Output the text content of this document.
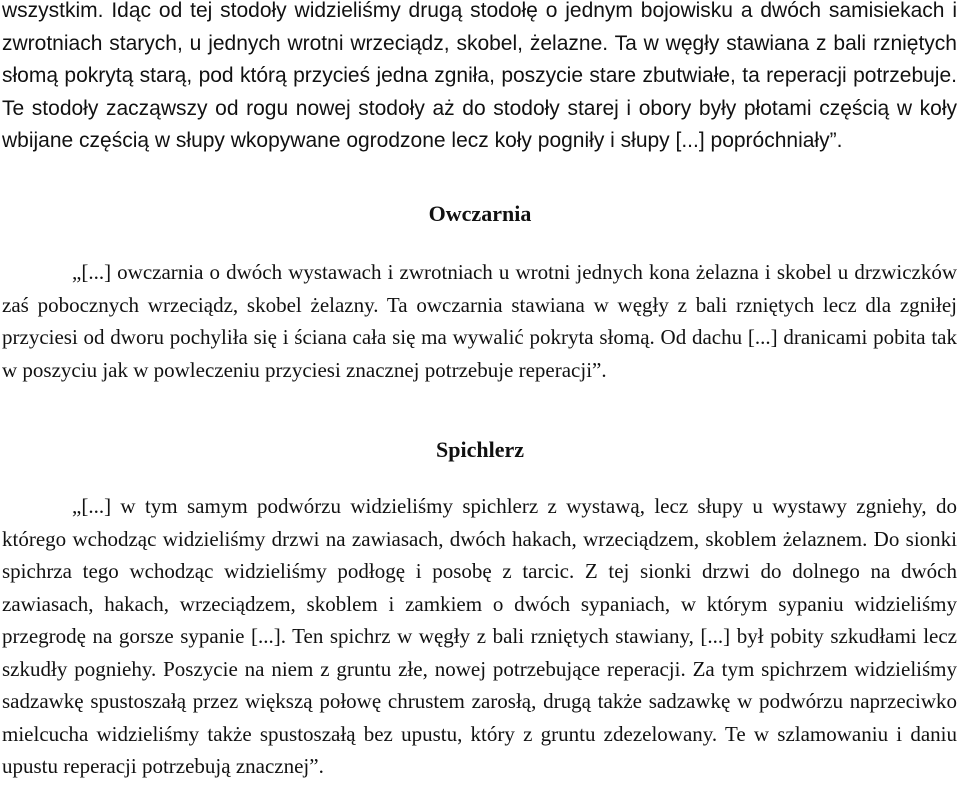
wszystkim. Idąc od tej stodoły widzieliśmy drugą stodołę o jednym bojowisku a dwóch samisiekach i zwrotniach starych, u jednych wrotni wrzeciądz, skobel, żelazne. Ta w węgły stawiana z bali rzniętych słomą pokrytą starą, pod którą przycieś jedna zgniła, poszycie stare zbutwiałe, ta reperacji potrzebuje. Te stodoły zacząwszy od rogu nowej stodoły aż do stodoły starej i obory były płotami częścią w koły wbijane częścią w słupy wkopywane ogrodzone lecz koły pogniły i słupy [...] popróchniały”.

Owczarnia

„[...] owczarnia o dwóch wystawach i zwrotniach u wrotni jednych kona żelazna i skobel u drzwiczków zaś pobocznych wrzeciądz, skobel żelazny. Ta owczarnia stawiana w węgły z bali rzniętych lecz dla zgniłej przyciesi od dworu pochyliła się i ściana cała się ma wywalić pokryta słomą. Od dachu [...] dranicami pobita tak w poszyciu jak w powleczeniu przyciesi znacznej potrzebuje reperacji”.

Spichlerz

„[...] w tym samym podwórzu widzieliśmy spichlerz z wystawą, lecz słupy u wystawy zgniehy, do którego wchodząc widzieliśmy drzwi na zawiasach, dwóch hakach, wrzeciądzem, skoblem żelaznem. Do sionki spichrza tego wchodząc widzieliśmy podłogę i posobę z tarcic. Z tej sionki drzwi do dolnego na dwóch zawiasach, hakach, wrzeciądzem, skoblem i zamkiem o dwóch sypaniach, w którym sypaniu widzieliśmy przegrodę na gorsze sypanie [...]. Ten spichrz w węgły z bali rzniętych stawiany, [...] był pobity szkudłami lecz szkudły pogniehy. Poszycie na niem z gruntu złe, nowej potrzebujące reperacji. Za tym spichrzem widzieliśmy sadzawkę spustoszałą przez większą połowę chrustem zarosłą, drugą także sadzawkę w podwórzu naprzeciwko mielcucha widzieliśmy także spustoszałą bez upustu, który z gruntu zdezelowany. Te w szlamowaniu i daniu upustu reperacji potrzebują znacznej”.
